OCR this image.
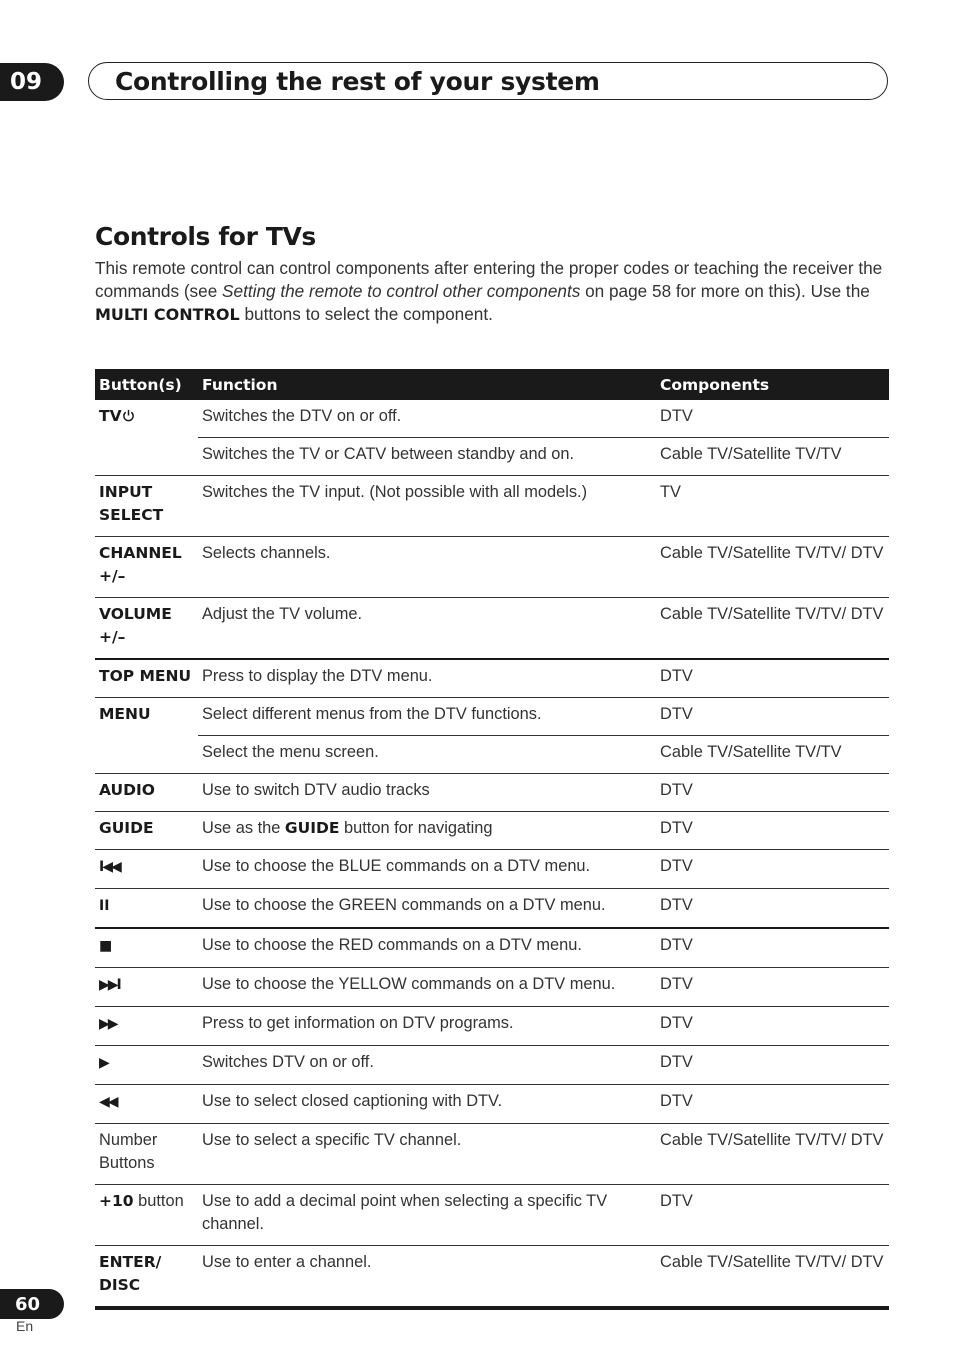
09	Controlling the rest of your system
Controls for TVs

This remote control can control components after entering the proper codes or teaching the receiver the commands (see Setting the remote to control other components on page 58 for more on this). Use the MULTI CONTROL buttons to select the component.

Button(s)	Function	Components
TV	Switches the DTV on or off.	DTV
	Switches the TV or CATV between standby and on.	Cable TV/Satellite TV/TV
INPUT SELECT	Switches the TV input. (Not possible with all models.)	TV
CHANNEL +/–	Selects channels.	Cable TV/Satellite TV/TV/ DTV
VOLUME +/–	Adjust the TV volume.	Cable TV/Satellite TV/TV/ DTV
TOP MENU	Press to display the DTV menu.	DTV
MENU	Select different menus from the DTV functions.	DTV
	Select the menu screen.	Cable TV/Satellite TV/TV
AUDIO	Use to switch DTV audio tracks	DTV
GUIDE	Use as the GUIDE button for navigating	DTV
I◀◀	Use to choose the BLUE commands on a DTV menu.	DTV
II	Use to choose the GREEN commands on a DTV menu.	DTV
■	Use to choose the RED commands on a DTV menu.	DTV
▶▶I	Use to choose the YELLOW commands on a DTV menu.	DTV
▶▶	Press to get information on DTV programs.	DTV
▶	Switches DTV on or off.	DTV
◀◀	Use to select closed captioning with DTV.	DTV
Number Buttons	Use to select a specific TV channel.	Cable TV/Satellite TV/TV/ DTV
+10 button	Use to add a decimal point when selecting a specific TV channel.	DTV
ENTER/ DISC	Use to enter a channel.	Cable TV/Satellite TV/TV/ DTV
60
En
